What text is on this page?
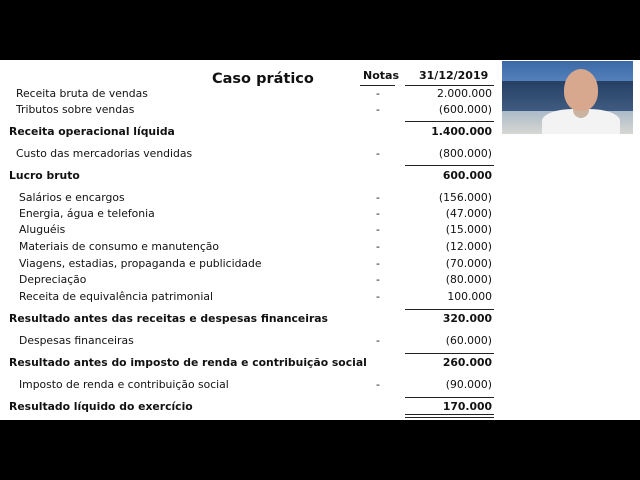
Caso prático	Notas 31/12/2019
Receita bruta de vendas	-	2.000.000
Tributos sobre vendas	-	(600.000)
Receita operacional líquida	1.400.000
Custo das mercadorias vendidas	-	(800.000)
Lucro bruto	600.000
Salários e encargos	-	(156.000)
Energia, água e telefonia	-	(47.000)
Aluguéis	-	(15.000)
Materiais de consumo e manutenção	-	(12.000)
Viagens, estadias, propaganda e publicidade	-	(70.000)
Depreciação	-	(80.000)
Receita de equivalência patrimonial	-	100.000
Resultado antes das receitas e despesas financeiras	320.000
Despesas financeiras	-	(60.000)
Resultado antes do imposto de renda e contribuição social	260.000
Imposto de renda e contribuição social	-	(90.000)
Resultado líquido do exercício	170.000
